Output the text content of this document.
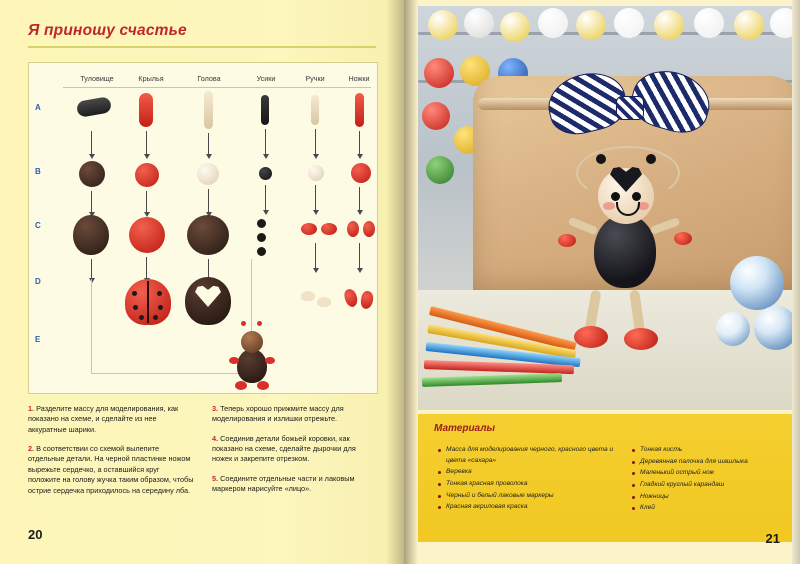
Я приношу счастье
Туловище	Крылья	Голова	Усики	Ручки	Ножки
A
B
C
D
E
1. Разделите массу для моделирования, как показано на схеме, и сделайте из нее аккуратные шарики.
2. В соответствии со схемой вылепите отдельные детали. На черной пластинке ножом вырежьте сердечко, а оставшийся круг положите на голову жучка таким образом, чтобы острие сердечка приходилось на середину лба.
3. Теперь хорошо прижмите массу для моделирования и излишки отрежьте.
4. Соединив детали божьей коровки, как показано на схеме, сделайте дырочки для ножек и закрепите отрезком.
5. Соедините отдельные части и лаковым маркером нарисуйте «лицо».
20
Материалы
Масса для моделирования черного, красного цвета и цвета «сахара»
Веревка
Тонкая красная проволока
Черный и белый лаковые маркеры
Красная акриловая краска
Тонкая кисть
Деревянная палочка для шашлыка
Маленький острый нож
Гладкий круглый карандаш
Ножницы
Клей
21
